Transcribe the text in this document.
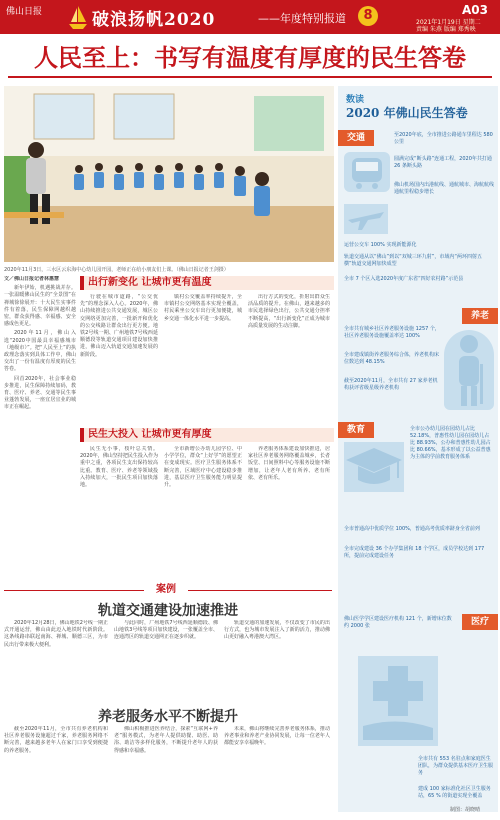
佛山日报	破浪扬帆2020	——年度特别报道	8	A03
2021年1月19日 星期二
责编 朱燕 版编 郑秀映
人民至上：书写有温度有厚度的民生答卷
2020年11月3日，三水区云东海中心幼儿园开园，老师正在给小朋友们上课。（佛山日报记者王剑摄）

文／佛山日报记者林惠慧

新年伊始，机遇挑战并存。一张温暖佛山民生的“全景图”在禅城徐徐展开：十大民生实事件件有着落，民生保障网越织越密，群众获得感、幸福感、安全感成色更足。

2020年11月，佛山入选“2020中国最具幸福感城市（地级市）”。把“人民至上”的执政理念落实到具体工作中，佛山交出了一份有温度有厚度的民生答卷。

回首2020年，社会事业稳步推进，民生保障持续加码，教育、医疗、养老、交通等民生事业蓬勃发展，一座宜居宜业的城市正在崛起。

出行新变化 让城市更有温度

行驶在城市道路，“公交优先”的理念深入人心。2020年，佛山持续推进公共交通发展，城区公交网络更加完善，一批新开和优化的公交线路让群众出行更方便。地铁2号线一期、广州地铁7号线西延顺德段等轨道交通项目建设加快推进，佛山迈入轨道交通加速发展的新阶段。

镇村公交覆盖率持续提升，全市镇村公交网络基本实现全覆盖，村民乘坐公交车出行更加便捷，城乡交通一体化水平进一步提高。

出行方式的变化，折射出群众生活品质的提升。在佛山，越来越多的市民选择绿色出行，公共交通分担率不断提高，“出行新变化”正成为城市高质量发展的生动注脚。

民生大投入 让城市更有厚度

民生无小事，枝叶总关情。2020年，佛山坚持把民生投入作为重中之重，各项民生支出保持较高比重。教育、医疗、养老等领域投入持续加大，一批民生项目加快落地。

全市新增公办幼儿园学位、中小学学位，群众“上好学”的愿望正在变成现实。医疗卫生服务体系不断完善，区域医疗中心建设稳步推进，基层医疗卫生服务能力明显提升。

养老服务体系建设加快推进，居家社区养老服务网络覆盖城乡，长者饭堂、日间照料中心等服务设施不断增加，让老年人老有所养、老有所依、老有所乐。

案例
轨道交通建设加速推进

2020年12月28日，佛山地铁2号线一期正式开通运营，佛山由此迈入地铁时代新阶段。这条线路串联起南海、禅城、顺德三区，为市民出行带来极大便利。

与此同时，广州地铁7号线西延顺德段、佛山地铁3号线等项目加快建设，一张覆盖全市、连通湾区的轨道交通网正在逐步织就。

轨道交通的加速发展，不仅改变了市民的出行方式，也为城市发展注入了新的活力，推动佛山更好融入粤港澳大湾区。

养老服务水平不断提升

截至2020年11月，全市共有养老机构和社区养老服务设施超过千家，养老服务网络不断完善，越来越多老年人在家门口享受到便捷的养老服务。

佛山积极推进医养结合，探索“互联网+养老”服务模式，为老年人提供助餐、助医、助浴、助洁等多样化服务，不断提升老年人的获得感和幸福感。

未来，佛山将继续完善养老服务体系，推动养老事业和养老产业协同发展，让每一位老年人都能安享幸福晚年。

数读
2020 年佛山民生答卷
交通	至2020年底，全市推进公路通车里程达 580 公里
圆满完成“断头路”连通工程，2020年共打通 26 条断头路
佛山机场国内出港航线、通航城市、海航航线通航里程稳步增长
运营公交车 100% 实现新能源化
轨道交通从以“佛山”到以“双城三环九射”，市域内“两环四射五横”轨道交通网加快成型
全市 7 个区入选2020年度广东省“四好农村路”示范县
养老
全市共有城乡社区养老服务设施 1257 个，社区养老服务设施覆盖率达 100%
全市建成镇街养老服务综合体，养老机构床位数达到 48.15%
截至2020年11月，全市共有 27 家养老机构获评省级星级养老机构
教育	全市公办幼儿园在园幼儿占比 52.18%，普惠性幼儿园在园幼儿占比 88.93%，公办和普惠性幼儿园占比 80.66%，基本形成了以公益普惠为主体的学前教育服务体系
全市普通高中优质学位 100%，普通高考优质率跻身全省前列
全市完成建设 36 个办学集团和 18 个学区，成员学校达到 177 所，提前完成建设任务
医疗
佛山医学学区建设医疗机构 121 个，新增床位数约 2000 张
全市共有 553 名驻点和家庭医生团队，为群众提供基本医疗卫生服务
建成 100 家标准化社区卫生服务站，65 % 的街道实现全覆盖
制图：胡晓晴
